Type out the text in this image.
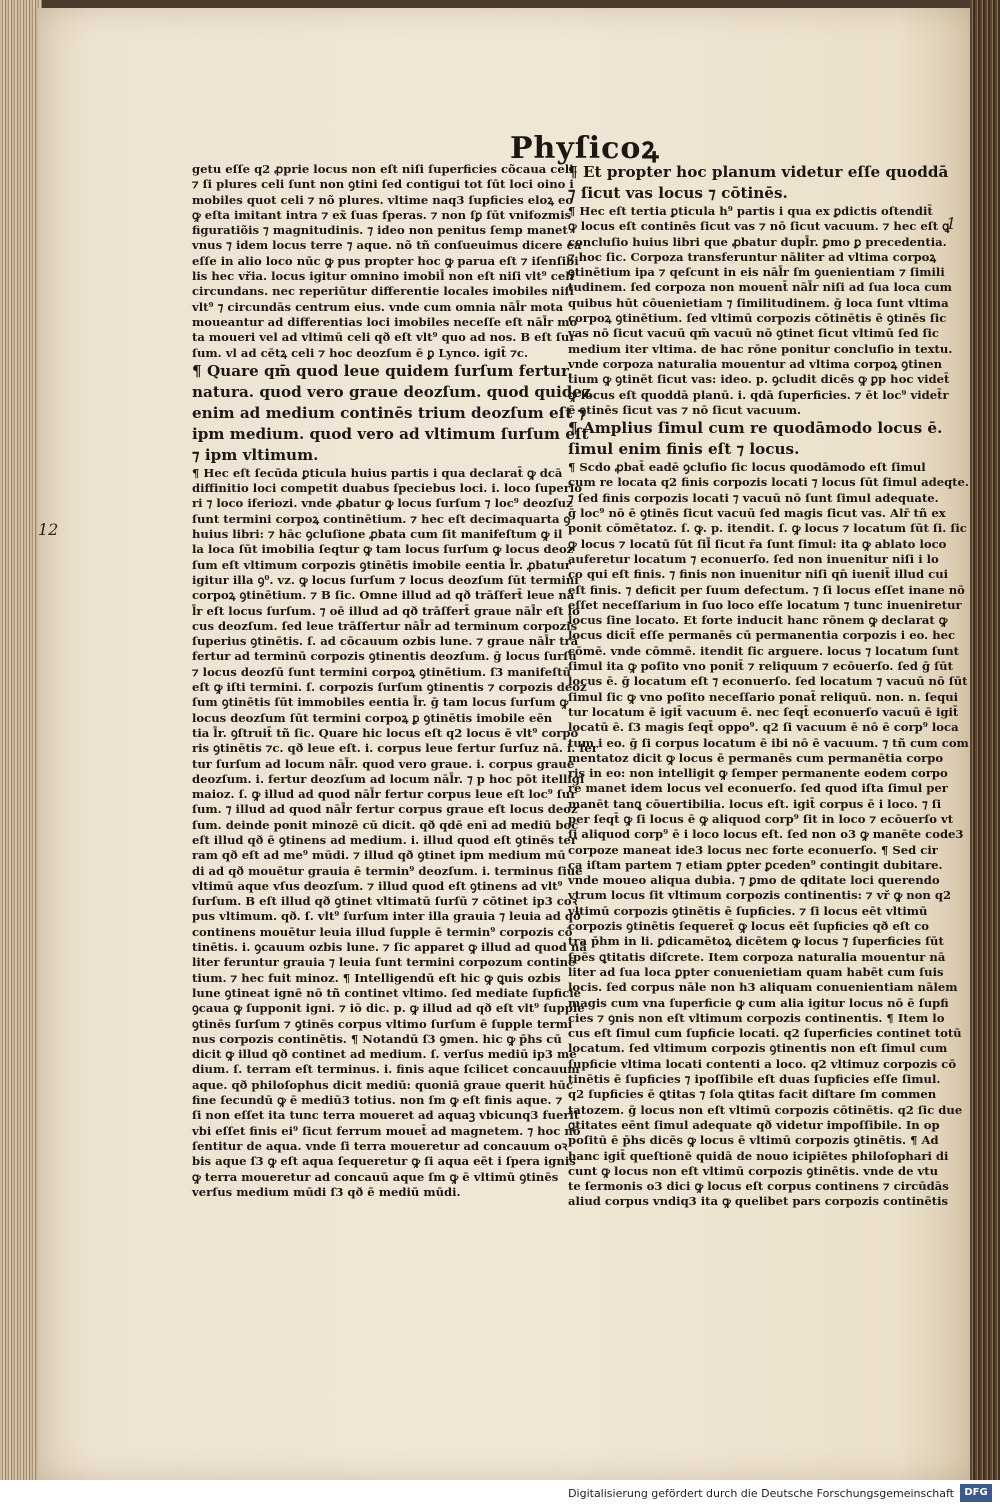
Phyſicoꝝ
12
1
getu eſſe q2 ꝓprie locus non eſt niſi ſuperficies cõcaua celi.
⁊ ſi plures celi ſunt non ꝯtini ſed contigui tot ſūt loci oino i
mobiles quot celi ⁊ nõ plures. vltime naq3 ſupficies eloꝝ eo
ꝙ eſta imitant intra ⁊ ex̄ ſuas ſperas. ⁊ non ſꝑ ſūt vnifozmis
figuratiõis ⁊ magnitudinis. ⁊ ideo non penitus ſemp manet
vnus ⁊ idem locus terre ⁊ aque. nõ tñ conſueuimus dicere ea
eſſe in alio loco nūc ꝙ pus propter hoc ꝙ parua eſt ⁊ iſenſibi
lis hec vřia. locus igitur omnino imobil̄ non eſt niſi vlt⁹ celi
circundans. nec reperiūtur differentie locales imobiles niſi
vlt⁹ ⁊ circundās centrum eius. vnde cum omnia nāl̄r mota
moueantur ad differentias loci imobiles neceſſe eſt nāl̄r mo
ta moueri vel ad vltimū celi qð eſt vlt⁹ quo ad nos. B eſt ſur
ſum. vl ad cētꝝ celi ⁊ hoc deozſum ē ꝑ Lynco. igit̄ ⁊c.
¶ Quare qm̄ quod leue quidem ſurſum fertur.
natura. quod vero graue deozſum. quod quidez
enim ad medium continēs trium deozſum eſt ⁊
ipm medium. quod vero ad vltimum ſurſum eſt
⁊ ipm vltimum.
¶ Hec eſt ſecūda ꝑticula huius partis i qua declarat̄ ꝙ dcā
diffinitio loci competit duabus ſpeciebus loci. i. loco ſuperio
ri ⁊ loco iferiozi. vnde ꝓbatur ꝙ locus ſurſum ⁊ loc⁹ deozſuz
ſunt termini corpoꝝ continētium. ⁊ hec eſt decimaquarta ꝯ
huius libri: ⁊ hāc ꝯcluſione ꝓbata cum ſit manifeſtum ꝙ il
la loca ſūt imobilia ſeqtur ꝙ tam locus ſurſum ꝙ locus deoz
ſum eſt vltimum corpozis ꝯtinētis imobile eentia l̄r. ꝓbatur
igitur illa ꝯ⁰. vz. ꝙ locus ſurſum ⁊ locus deozſum ſūt termini
corpoꝝ ꝯtinētium. ⁊ B ſic. Omne illud ad qð trāſfert̄ leue nā
l̄r eſt locus ſurſum. ⁊ oē illud ad qð trāſfert̄ graue nāl̄r eſt lo
cus deozſum. ſed leue trāſfertur nāl̄r ad terminum corpozis
ſuperius ꝯtinētis. ſ. ad cōcauum ozbis lune. ⁊ graue nāl̄r trā
fertur ad terminū corpozis ꝯtinentis deozſum. ḡ locus ſurſū
⁊ locus deozſū ſunt termini corpoꝝ ꝯtinētium. ſ3 manifeſtū
eſt ꝙ iſti termini. ſ. corpozis ſurſum ꝯtinentis ⁊ corpozis deoz
ſum ꝯtinētis ſūt immobiles eentia l̄r. ḡ tam locus ſurſum ꝙ
locus deozſum ſūt termini corpoꝝ ꝑ ꝯtinētis imobile eēn
tia l̄r. ꝯſtruit̄ tñ ſic. Quare hic locus eſt q2 locus ē vlt⁹ corpo
ris ꝯtinētis ⁊c. qð leue eſt. i. corpus leue fertur ſurſuz nā. i. fer
tur ſurſum ad locum nāl̄r. quod vero graue. i. corpus graue
deozſum. i. fertur deozſum ad locum nāl̄r. ⁊ p hoc pōt itelligi
maioz. ſ. ꝙ illud ad quod nāl̄r fertur corpus leue eſt loc⁹ ſur
ſum. ⁊ illud ad quod nāl̄r fertur corpus graue eſt locus deoz
ſum. deinde ponit minozē cū dicit. qð qdē enī ad mediū boc
eſt illud qð ē ꝯtinens ad medium. i. illud quod eſt ꝯtinēs ter
ram qð eſt ad me⁹ mūdi. ⁊ illud qð ꝯtinet ipm medium mū
di ad qð mouētur grauia ē termin⁹ deozſum. i. terminus ſiue
vltimū aque vſus deozſum. ⁊ illud quod eſt ꝯtinens ad vlt⁹
ſurſum. B eſt illud qð ꝯtinet vltimatū ſurſū ⁊ cōtinet ip3 coꝛ
pus vltimum. qð. ſ. vlt⁹ ſurſum inter illa grauia ⁊ leuia ad qð
continens mouētur leuia illud ſupple ē termin⁹ corpozis cō
tinētis. i. ꝯcauum ozbis lune. ⁊ ſic apparet ꝙ illud ad quod nā
liter feruntur grauia ⁊ leuia ſunt termini corpozum continē
tium. ⁊ hec fuit minoz. ¶ Intelligendū eſt hic ꝙ ꝗuis ozbis
lune ꝯtineat ignē nō tñ continet vltimo. ſed mediate ſupficie
ꝯcaua ꝙ ſupponit igni. ⁊ iō dic. p. ꝙ illud ad qð eſt vlt⁹ ſupple
ꝯtinēs ſurſum ⁊ ꝯtinēs corpus vltimo ſurſum ē ſupple termi
nus corpozis continētis. ¶ Notandū ſ3 ꝯmen. hic ꝙ p̄hs cū
dicit ꝙ illud qð continet ad medium. ſ. verſus mediū ip3 me
dium. ſ. terram eſt terminus. i. finis aque ſcilicet concauum
aque. qð philoſophus dicit mediū: quoniā graue querit hūc
fine ſecundū ꝙ ē mediū3 totius. non ſm ꝙ eſt finis aque. ⁊
ſi non eſſet ita tunc terra moueret ad aquaꝫ vbicunq3 fuerit
vbi eſſet finis ei⁹ ſicut ferrum mouet̄ ad magnetem. ⁊ hoc nō
ſentitur de aqua. vnde ſi terra moueretur ad concauum oꝛ
bis aque ſ3 ꝙ eſt aqua ſequeretur ꝙ ſi aqua eēt i ſpera ignis
ꝙ terra moueretur ad concauū aque ſm ꝙ ē vltimū ꝯtinēs
verſus medium mūdi ſ3 qð ē mediū mūdi.
¶ Et propter hoc planum videtur eſſe quoddā
⁊ ſicut vas locus ⁊ cōtinēs.
¶ Hec eſt tertia ꝑticula h⁹ partis i qua ex ꝑdictis oſtendit̄
ꝙ locus eſt continēs ſicut vas ⁊ nō ſicut vacuum. ⁊ hec eſt ꝗ
concluſio huius libri que ꝓbatur dupl̄r. ꝑmo ꝑ precedentia.
⁊ hoc ſic. Corpoza transferuntur nāliter ad vltima corpoꝝ
ꝯtinētium ipa ⁊ qeſcunt in eis nāl̄r ſm ꝯuenientiam ⁊ ſimili
tudinem. ſed corpoza non mouent̄ nāl̄r niſi ad ſua loca cum
quibus hūt cōuenietiam ⁊ ſimilitudinem. ḡ loca ſunt vltima
corpoꝝ ꝯtinētium. ſed vltimū corpozis cōtinētis ē ꝯtinēs ſic
vas nō ſicut vacuū qm̄ vacuū nō ꝯtinet ſicut vltimū ſed ſic
medium iter vltima. de hac rōne ponitur concluſio in textu.
vnde corpoza naturalia mouentur ad vltima corpoꝝ ꝯtinen
tium ꝙ ꝯtinēt ſicut vas: ideo. p. ꝯcludit dicēs ꝙ ꝑp hoc videt̄
ꝙ locus eſt quoddā planū. i. qdā ſuperficies. ⁊ ēt loc⁹ videt̄r
ē ꝯtinēs ſicut vas ⁊ nō ſicut vacuum.
¶ Amplius ſimul cum re quodāmodo locus ē.
ſimul enim finis eſt ⁊ locus.
¶ Scdo ꝓbat̄ eadē ꝯcluſio ſic locus quodāmodo eſt ſimul
cum re locata q2 finis corpozis locati ⁊ locus ſūt ſimul adeqte.
⁊ ſed finis corpozis locati ⁊ vacuū nō ſunt ſimul adequate.
ḡ loc⁹ nō ē ꝯtinēs ſicut vacuū ſed magis ſicut vas. Alr̄ tñ ex
ponit cōmētatoz. ſ. ꝙ. p. itendit. ſ. ꝙ locus ⁊ locatum ſūt ſi. ſic
ꝙ locus ⁊ locatū ſūt ſil̄ ſicut r̄a ſunt ſimul: ita ꝙ ablato loco
auferetur locatum ⁊ econuerſo. ſed non inuenitur niſi i lo
co qui eſt finis. ⁊ finis non inuenitur niſi qn̄ iuenit̄ illud cui
eſt finis. ⁊ deficit per ſuum defectum. ⁊ ſi locus eſſet inane nō
eſſet neceſſarium in ſuo loco eſſe locatum ⁊ tunc inueniretur
locus ſine locato. Et forte inducit hanc rōnem ꝙ declarat ꝙ
locus dicit̄ eſſe permanēs cū permanentia corpozis i eo. hec
cōmē. vnde cōmmē. itendit ſic arguere. locus ⁊ locatum ſunt
ſimul ita ꝙ poſito vno ponit̄ ⁊ reliquum ⁊ ecōuerſo. ſed ḡ ſūt
locus ē. ḡ locatum eſt ⁊ econuerſo. ſed locatum ⁊ vacuū nō ſūt
ſimul ſic ꝙ vno poſito neceſſario ponat̄ reliquū. non. n. ſequi
tur locatum ē igit̄ vacuum ē. nec ſeqt̄ econuerſo vacuū ē igit̄
locatū ē. ſ3 magis ſeqt̄ oppo⁹. q2 ſi vacuum ē nō ē corp⁹ loca
tum i eo. ḡ ſi corpus locatum ē ibi nō ē vacuum. ⁊ tñ cum com
mentatoz dicit ꝙ locus ē permanēs cum permanētia corpo
ris in eo: non intelligit ꝙ ſemper permanente eodem corpo
re manet idem locus vel econuerſo. ſed quod iſta ſimul per
manēt tanꝗ cōuertibilia. locus eſt. igit̄ corpus ē i loco. ⁊ ſi
per ſeqt̄ ꝙ ſi locus ē ꝙ aliquod corp⁹ ſit in loco ⁊ ecōuerſo vt
ſi aliquod corp⁹ ē i loco locus eſt. ſed non o3 ꝙ manēte code3
corpoze maneat ide3 locus nec forte econuerſo. ¶ Sed cir
ca iſtam partem ⁊ etiam ꝑpter ꝑceden⁹ contingit dubitare.
vnde moueo aliqua dubia. ⁊ ꝑmo de qditate loci querendo
vtrum locus ſit vltimum corpozis continentis: ⁊ vř ꝙ non q2
vltimū corpozis ꝯtinētis ē ſupficies. ⁊ ſi locus eēt vltimū
corpozis ꝯtinētis ſequeret̄ ꝙ locus eēt ſupficies qð eſt co
tra p̄hm in li. ꝑdicamētoꝝ dicētem ꝙ locus ⁊ ſuperficies ſūt
ſpēs ꝗtitatis diſcrete. Item corpoza naturalia mouentur nā
liter ad ſua loca ꝑpter conuenietiam quam habēt cum ſuis
locis. ſed corpus nāle non h3 aliquam conuenientiam nālem
magis cum vna ſuperficie ꝙ cum alia igitur locus nō ē ſupfi
cies ⁊ ꝯnis non eſt vltimum corpozis continentis. ¶ Item lo
cus eſt ſimul cum ſupficie locati. q2 ſuperficies continet totū
locatum. ſed vltimum corpozis ꝯtinentis non eſt ſimul cum
ſupficie vltima locati contenti a loco. q2 vltimuz corpozis cō
tinētis ē ſupficies ⁊ ipoſſibile eſt duas ſupficies eſſe ſimul.
q2 ſupficies ē ꝗtitas ⁊ ſola ꝗtitas facit diſtare ſm commen
tatozem. ḡ locus non eſt vltimū corpozis cōtinētis. q2 ſic due
ꝗtitates eēnt ſimul adequate qð videtur impoſſibile. In op
poſitū ē p̄hs dicēs ꝙ locus ē vltimū corpozis ꝯtinētis. ¶ Ad
hanc igit̄ queſtionē quidā de nouo icipiētes philoſophari di
cunt ꝙ locus non eſt vltimū corpozis ꝯtinētis. vnde de vtu
te ſermonis o3 dici ꝙ locus eſt corpus continens ⁊ circūdās
aliud corpus vndiq3 ita ꝙ quelibet pars corpozis continētis
Digitalisierung gefördert durch die Deutsche Forschungsgemeinschaft	DFG
